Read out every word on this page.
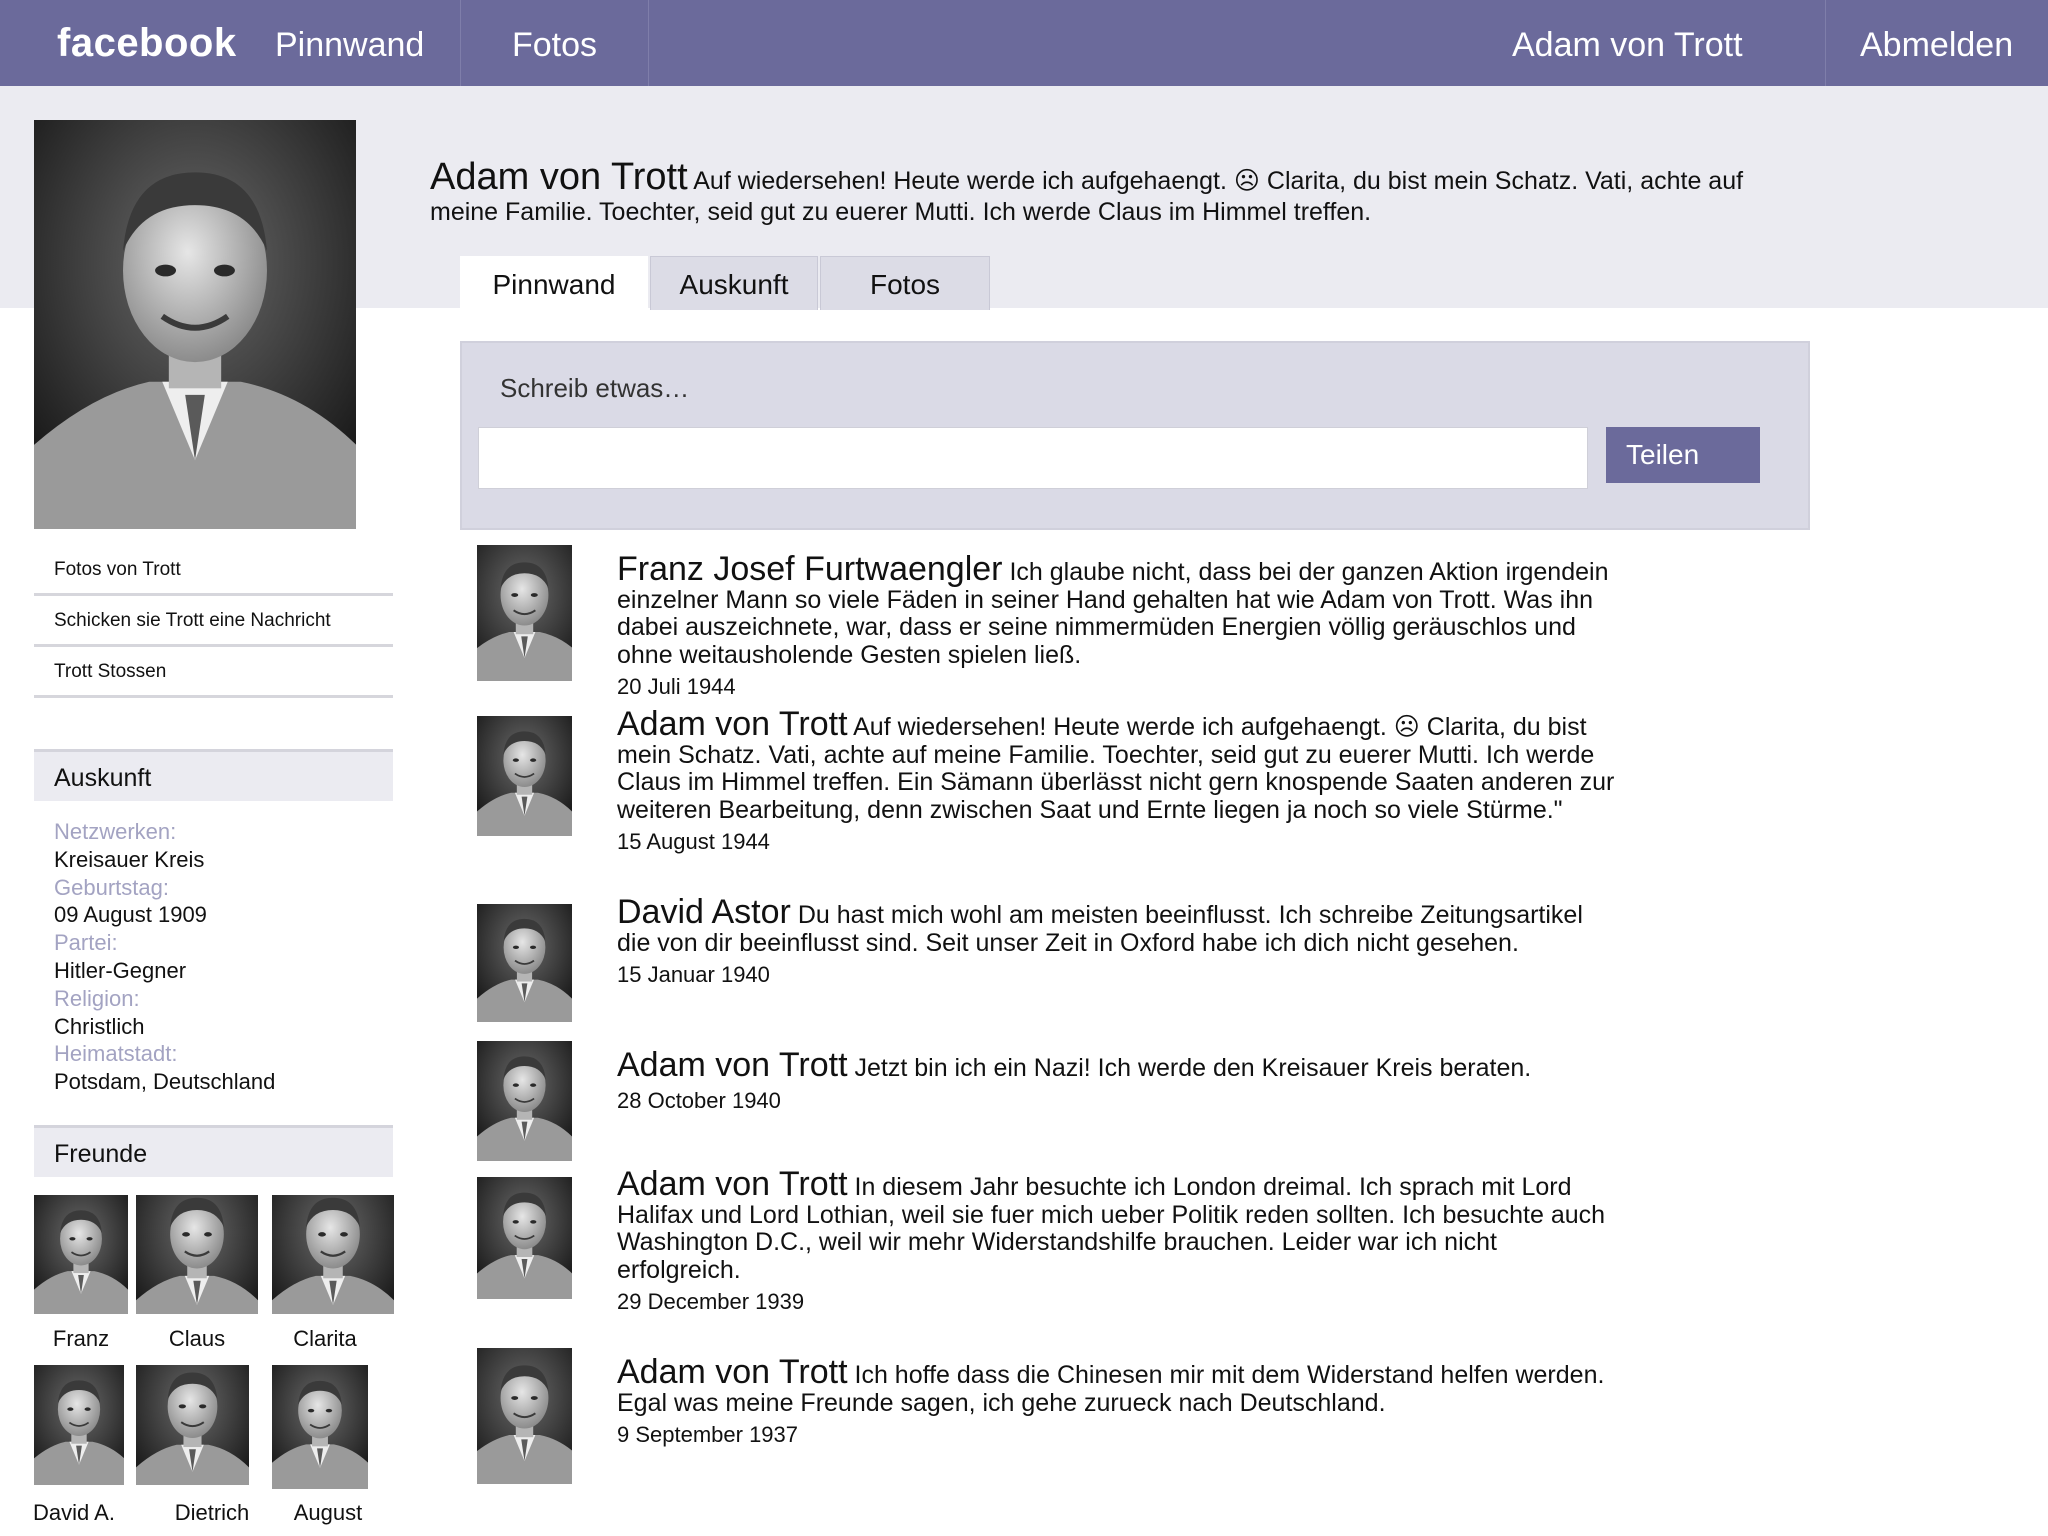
facebook Pinnwand	Fotos	Adam von Trott	Abmelden
Fotos von Trott
Schicken sie Trott eine Nachricht
Trott Stossen
Auskunft
Netzwerken:
Kreisauer Kreis
Geburtstag:
09 August 1909
Partei:
Hitler-Gegner
Religion:
Christlich
Heimatstadt:
Potsdam, Deutschland
Freunde
Franz	Claus	Clarita
David A.	Dietrich	August
Adam von Trott Auf wiedersehen! Heute werde ich aufgehaengt. ☹ Clarita, du bist mein Schatz. Vati, achte auf meine Familie. Toechter, seid gut zu euerer Mutti. Ich werde Claus im Himmel treffen.
Pinnwand	Auskunft	Fotos
Schreib etwas…
Teilen
Franz Josef Furtwaengler Ich glaube nicht, dass bei der ganzen Aktion irgendein einzelner Mann so viele Fäden in seiner Hand gehalten hat wie Adam von Trott. Was ihn dabei auszeichnete, war, dass er seine nimmermüden Energien völlig geräuschlos und ohne weitausholende Gesten spielen ließ.
20 Juli 1944
Adam von Trott Auf wiedersehen! Heute werde ich aufgehaengt. ☹ Clarita, du bist mein Schatz. Vati, achte auf meine Familie. Toechter, seid gut zu euerer Mutti. Ich werde Claus im Himmel treffen. Ein Sämann überlässt nicht gern knospende Saaten anderen zur weiteren Bearbeitung, denn zwischen Saat und Ernte liegen ja noch so viele Stürme."
15 August 1944
David Astor Du hast mich wohl am meisten beeinflusst. Ich schreibe Zeitungsartikel die von dir beeinflusst sind. Seit unser Zeit in Oxford habe ich dich nicht gesehen.
15 Januar 1940
Adam von Trott Jetzt bin ich ein Nazi! Ich werde den Kreisauer Kreis beraten.
28 October 1940
Adam von Trott In diesem Jahr besuchte ich London dreimal. Ich sprach mit Lord Halifax und Lord Lothian, weil sie fuer mich ueber Politik reden sollten. Ich besuchte auch Washington D.C., weil wir mehr Widerstandshilfe brauchen. Leider war ich nicht erfolgreich.
29 December 1939
Adam von Trott Ich hoffe dass die Chinesen mir mit dem Widerstand helfen werden. Egal was meine Freunde sagen, ich gehe zurueck nach Deutschland.
9 September 1937
